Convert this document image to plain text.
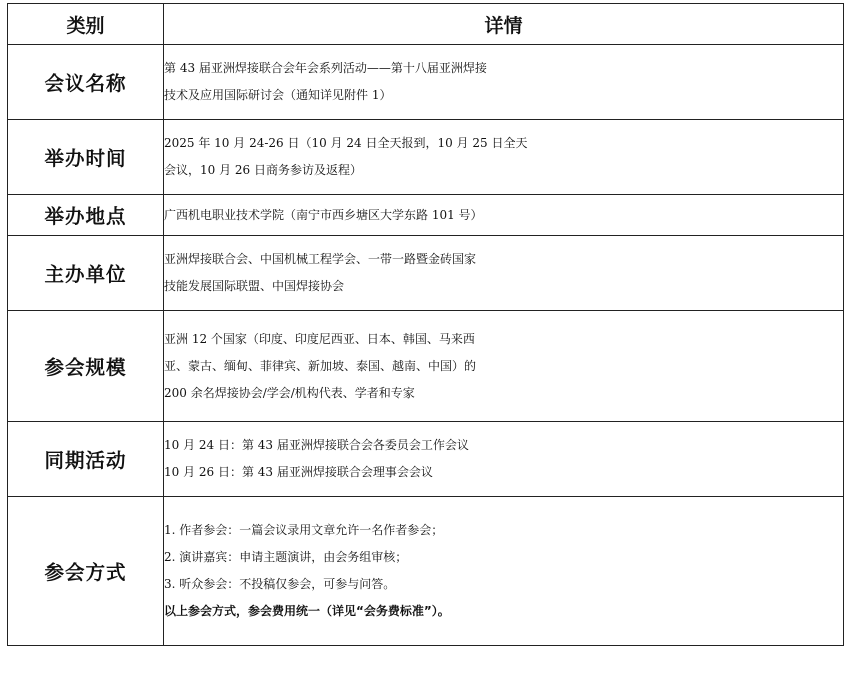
类别	详情
会议名称	第 43 届亚洲焊接联合会年会系列活动——第十八届亚洲焊接
技术及应用国际研讨会（通知详见附件 1）

举办时间	2025 年 10 月 24-26 日（10 月 24 日全天报到，10 月 25 日全天
会议，10 月 26 日商务参访及返程）

举办地点	广西机电职业技术学院（南宁市西乡塘区大学东路 101 号）

主办单位	亚洲焊接联合会、中国机械工程学会、一带一路暨金砖国家
技能发展国际联盟、中国焊接协会

参会规模	亚洲 12 个国家（印度、印度尼西亚、日本、韩国、马来西
亚、蒙古、缅甸、菲律宾、新加坡、泰国、越南、中国）的
200 余名焊接协会/学会/机构代表、学者和专家

同期活动	10 月 24 日：第 43 届亚洲焊接联合会各委员会工作会议
10 月 26 日：第 43 届亚洲焊接联合会理事会会议

参会方式	1. 作者参会：一篇会议录用文章允许一名作者参会；
2. 演讲嘉宾：申请主题演讲，由会务组审核；
3. 听众参会：不投稿仅参会，可参与问答。
以上参会方式，参会费用统一（详见“会务费标准”）。
